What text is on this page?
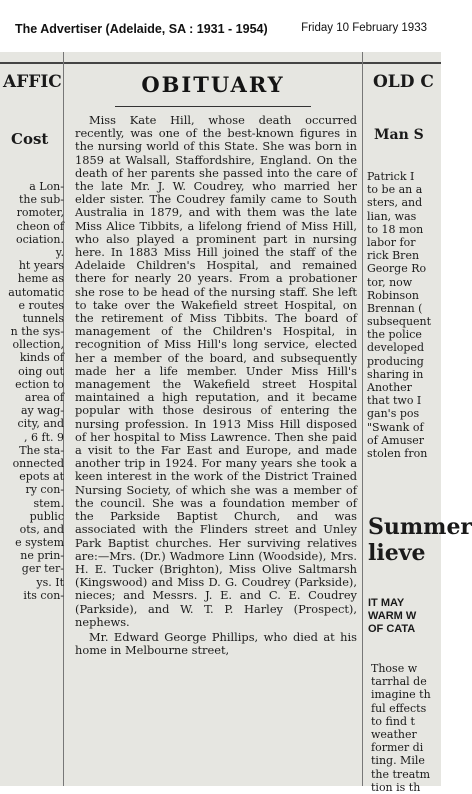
The Advertiser (Adelaide, SA : 1931 - 1954)	Friday 10 February 1933
AFFIC
Cost
a Lon-
the sub-
romoter,
cheon of
ociation.
y.
ht years
heme as
automatic
e routes
tunnels
n the sys-
ollection,
kinds of
oing out
ection to
area of
ay wag-
city, and
, 6 ft. 9
The sta-
onnected
epots at
ry con-
stem.
public
ots, and
e system
ne prin-
ger ter-
ys. It
its con-
OBITUARY

Miss Kate Hill, whose death occurred recently, was one of the best-known figures in the nursing world of this State. She was born in 1859 at Walsall, Staffordshire, England. On the death of her parents she passed into the care of the late Mr. J. W. Coudrey, who married her elder sister. The Coudrey family came to South Australia in 1879, and with them was the late Miss Alice Tibbits, a lifelong friend of Miss Hill, who also played a prominent part in nursing here. In 1883 Miss Hill joined the staff of the Adelaide Children's Hospital, and remained there for nearly 20 years. From a probationer she rose to be head of the nursing staff. She left to take over the Wakefield street Hospital, on the retirement of Miss Tibbits. The board of management of the Children's Hospital, in recognition of Miss Hill's long service, elected her a member of the board, and subsequently made her a life member. Under Miss Hill's management the Wakefield street Hospital maintained a high reputation, and it became popular with those desirous of entering the nursing profession. In 1913 Miss Hill disposed of her hospital to Miss Lawrence. Then she paid a visit to the Far East and Europe, and made another trip in 1924. For many years she took a keen interest in the work of the District Trained Nursing Society, of which she was a member of the council. She was a foundation member of the Parkside Baptist Church, and was associated with the Flinders street and Unley Park Baptist churches. Her surviving relatives are:—Mrs. (Dr.) Wadmore Linn (Woodside), Mrs. H. E. Tucker (Brighton), Miss Olive Saltmarsh (Kingswood) and Miss D. G. Coudrey (Parkside), nieces; and Messrs. J. E. and C. E. Coudrey (Parkside), and W. T. P. Harley (Prospect), nephews.

Mr. Edward George Phillips, who died at his home in Melbourne street,

OLD C
Man S
Patrick I
to be an a
sters, and
lian, was
to 18 mon
labor for
rick Bren
George Ro
tor, now
Robinson
Brennan (
subsequent
the police
developed
producing
sharing in
Another
that two I
gan's pos
"Swank of
of Amuser
stolen fron
Summer
lieve
IT MAY
WARM W
OF CATA
Those w
tarrhal de
imagine th
ful effects
to find t
weather
former di
ting. Mile
the treatm
tion is th
